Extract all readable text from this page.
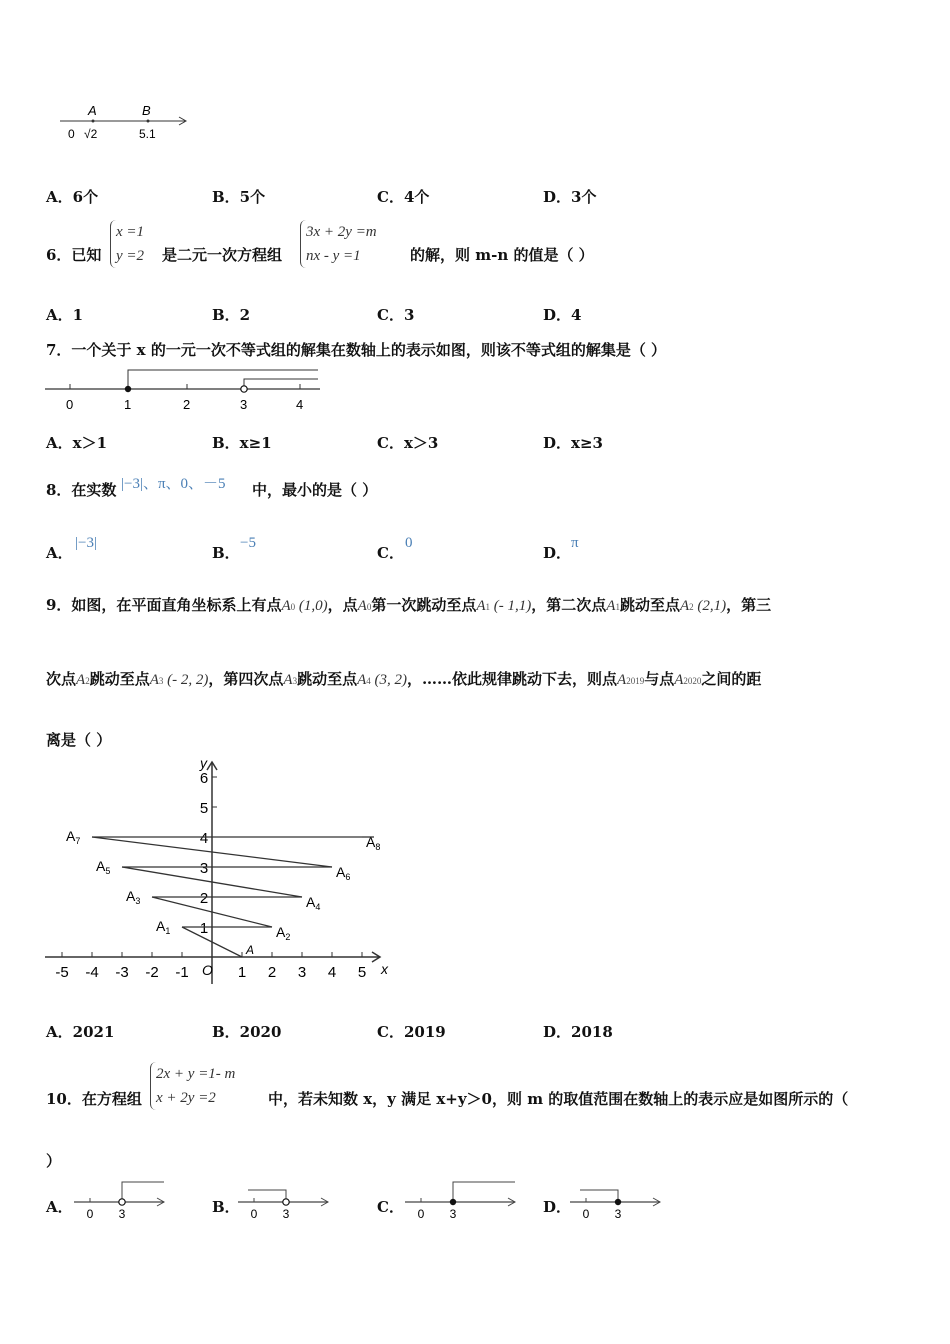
A	B
0 √2	5.1
A．6个	B．5个	C．4个	D．3个
6．已知
x =1
y =2 是二元一次方程组
3x + 2y =m
nx - y =1	的解，则 m-n 的值是（ ）
A．1	B．2	C．3	D．4
7．一个关于 x 的一元一次不等式组的解集在数轴上的表示如图，则该不等式组的解集是（ ）
0	1	2	3	4
A．x＞1	B．x≥1	C．x＞3	D．x≥3
8．在实数 |−3|、π、0、－5 中，最小的是（ ）
A．
|−3|
B．
−5
C．
0
D．
π
9．如图，在平面直角坐标系上有点A0 (1,0)，点A0第一次跳动至点A1 (- 1,1)，第二次点A1跳动至点A2 (2,1)，第三
次点A2跳动至点A3 (- 2, 2)，第四次点A3跳动至点A4 (3, 2)，……依此规律跳动下去，则点A2019与点A2020之间的距
离是（ ）
-5 -4 -3 -2 -1	1 2 3 4 5
1
2
3
4
5
6
O	x
y
A
$A_1$	$A_2$
$A_3$	$A_4$
$A_5$	$A_6$
$A_7$	$A_8$
A．2021	B．2020	C．2019	D．2018
10．在方程组
2x + y =1- m
x + 2y =2	中，若未知数 x，y 满足 x+y＞0，则 m 的取值范围在数轴上的表示应是如图所示的（
）
A． 0 3	B． 0 3	C． 0 3	D． 0 3
